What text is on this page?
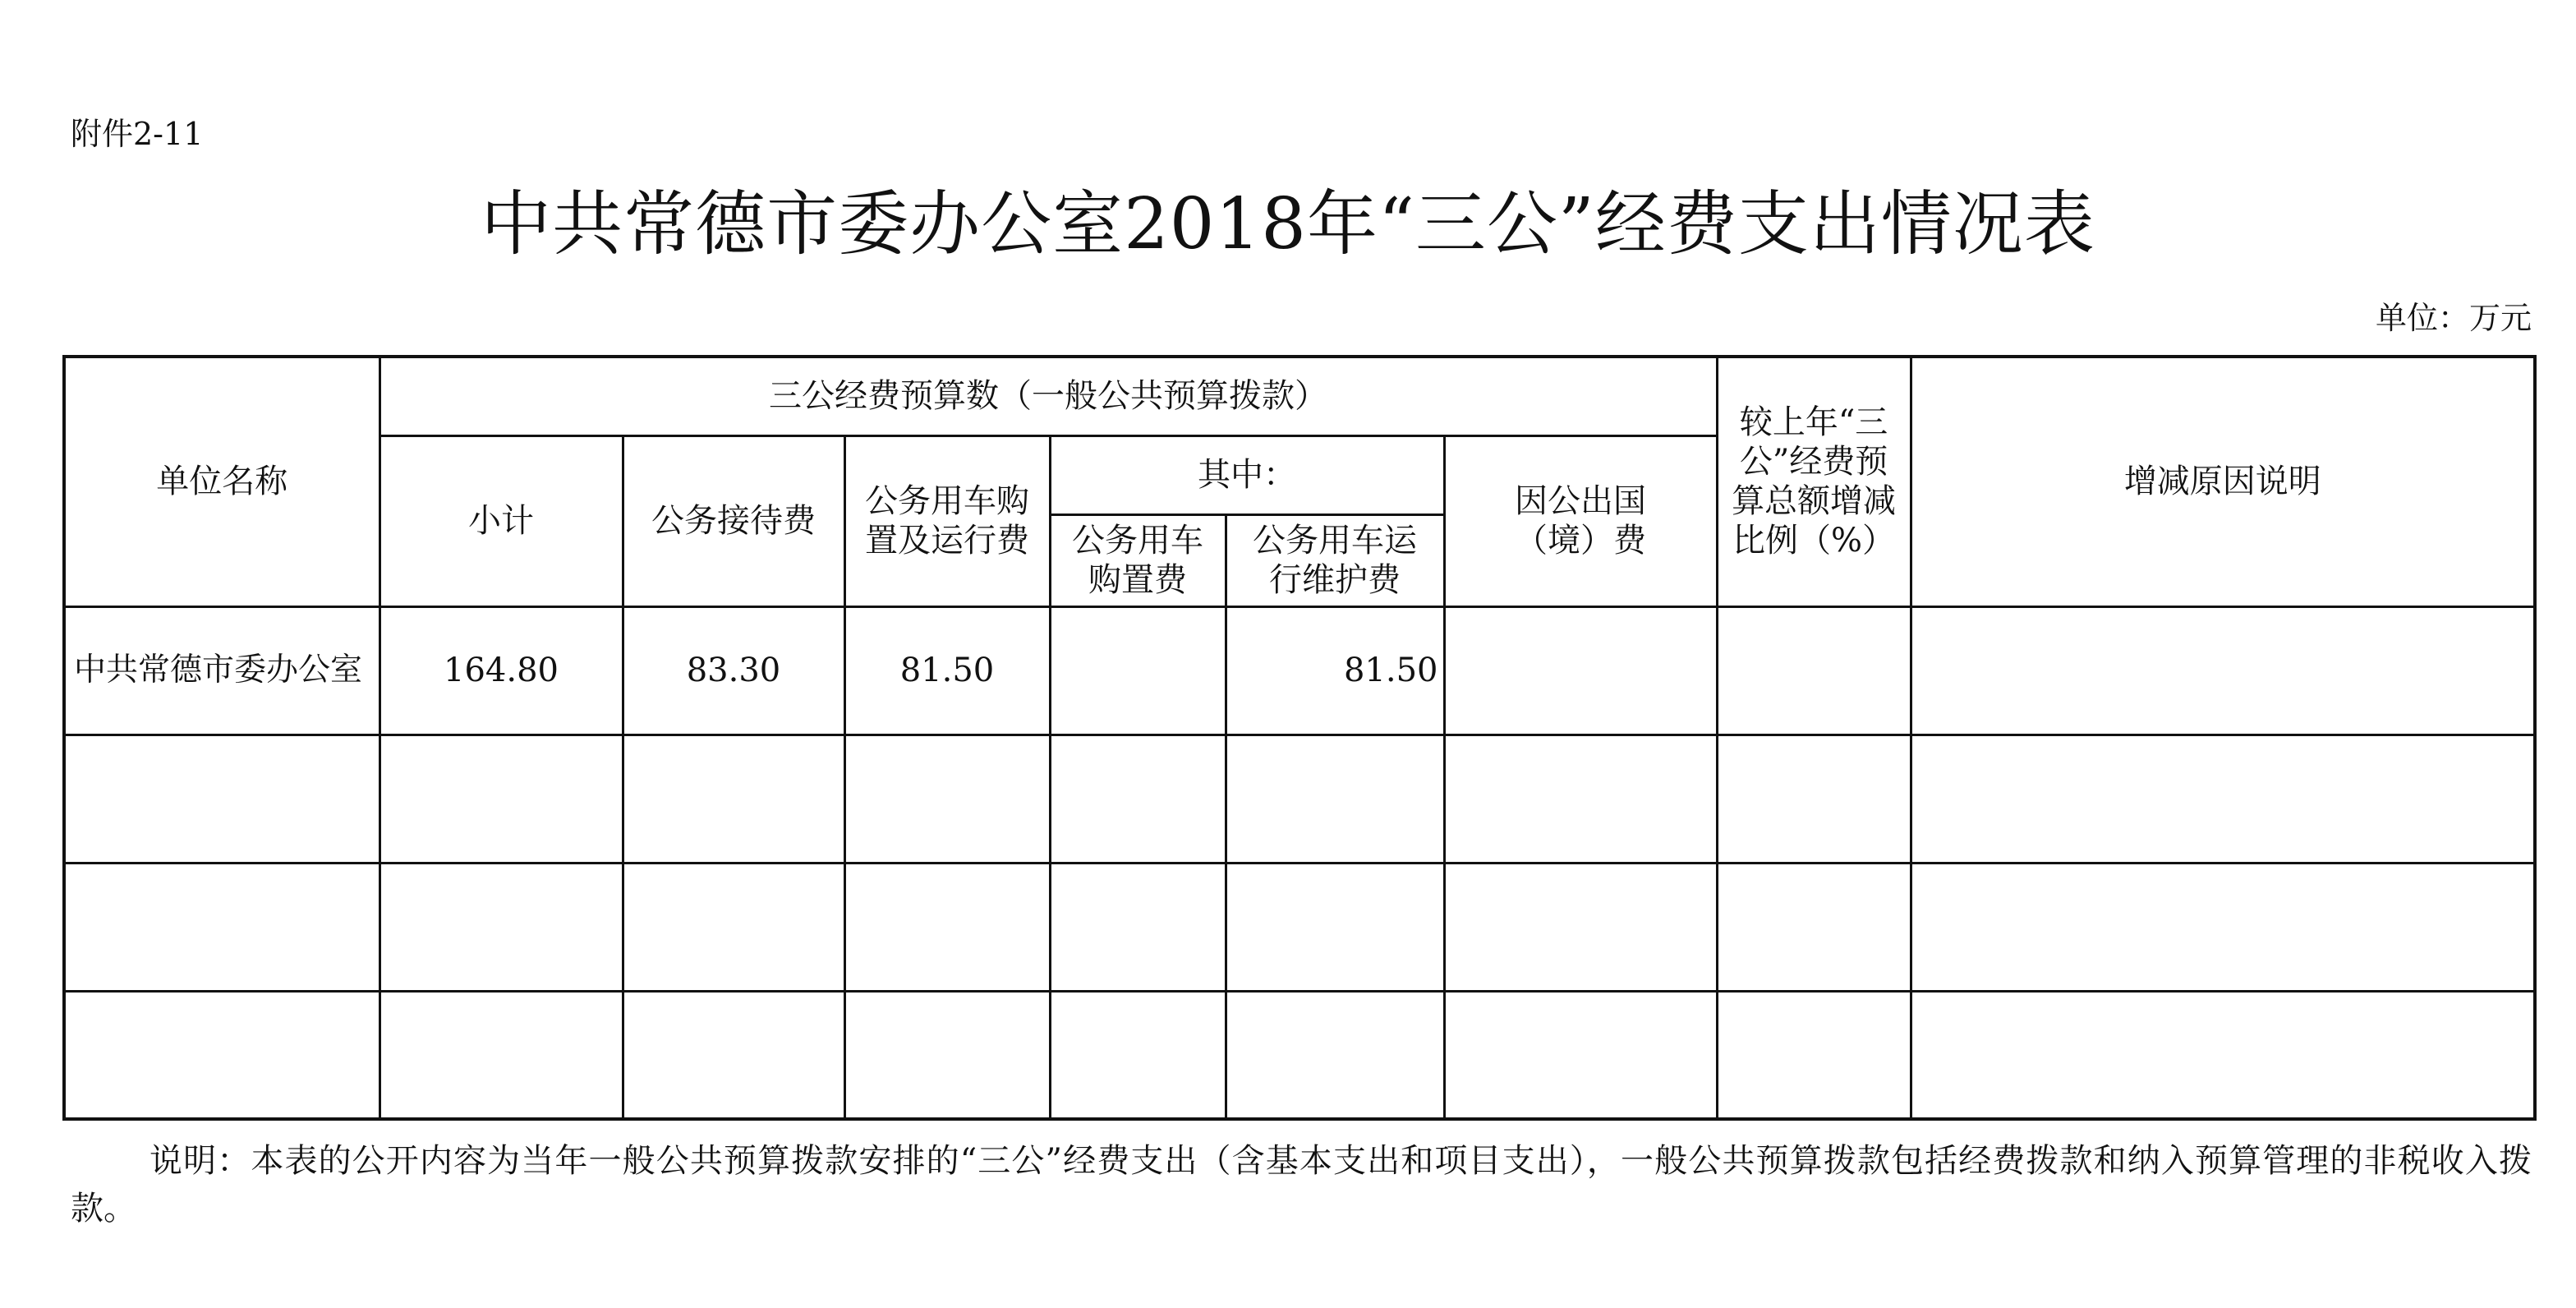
附件2-11
中共常德市委办公室2018年“三公”经费支出情况表
单位：万元
单位名称	三公经费预算数（一般公共预算拨款）						较上年“三公”经费预算总额增减比例（%）	增减原因说明
	小计	公务接待费	公务用车购置及运行费	其中：		因公出国（境）费		
				公务用车购置费	公务用车运行维护费			
中共常德市委办公室	164.80	83.30	81.50		81.50			

说明：本表的公开内容为当年一般公共预算拨款安排的“三公”经费支出（含基本支出和项目支出），一般公共预算拨款包括经费拨款和纳入预算管理的非税收入拨款。
